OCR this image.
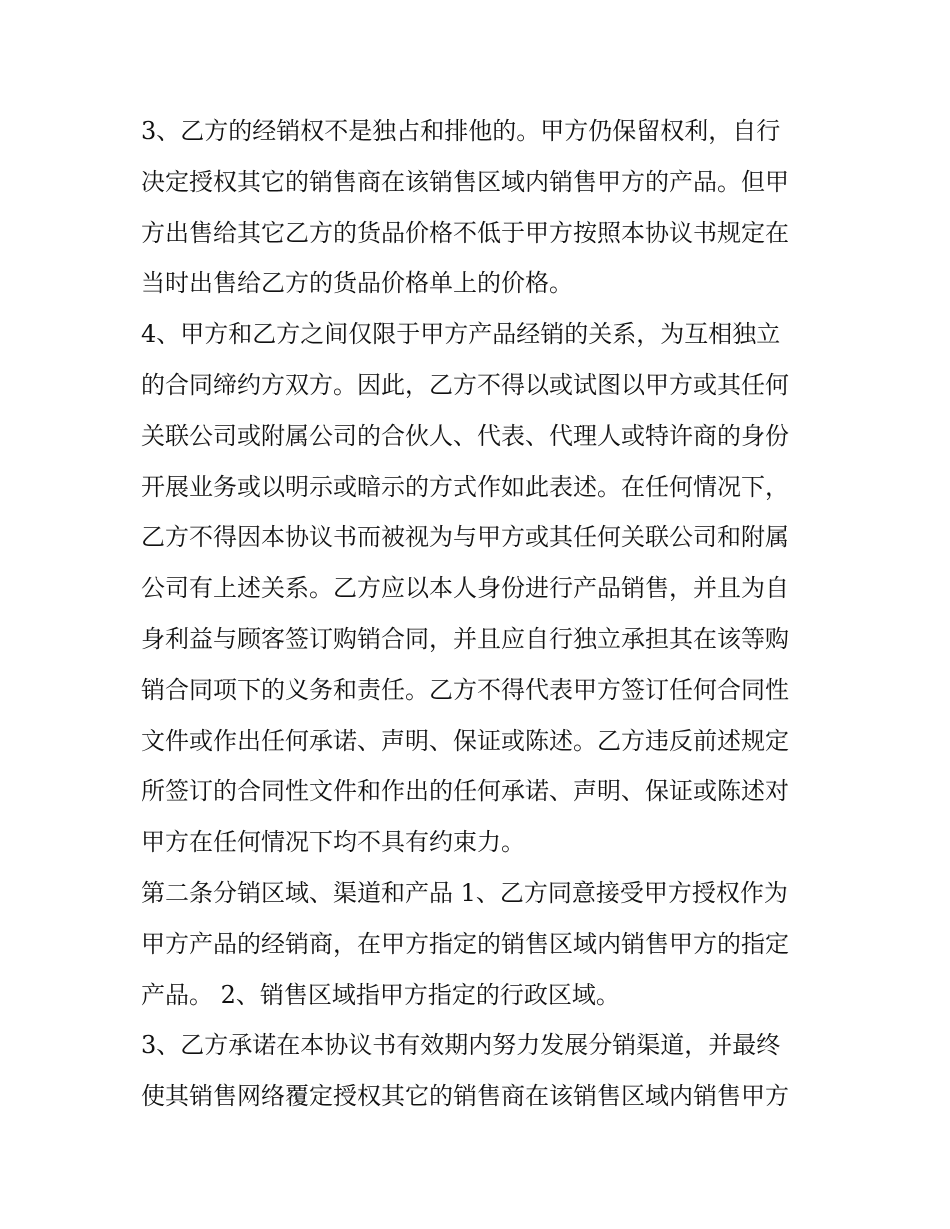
3、乙方的经销权不是独占和排他的。甲方仍保留权利，自行
决定授权其它的销售商在该销售区域内销售甲方的产品。但甲
方出售给其它乙方的货品价格不低于甲方按照本协议书规定在
当时出售给乙方的货品价格单上的价格。
4、甲方和乙方之间仅限于甲方产品经销的关系，为互相独立
的合同缔约方双方。因此，乙方不得以或试图以甲方或其任何
关联公司或附属公司的合伙人、代表、代理人或特许商的身份
开展业务或以明示或暗示的方式作如此表述。在任何情况下，
乙方不得因本协议书而被视为与甲方或其任何关联公司和附属
公司有上述关系。乙方应以本人身份进行产品销售，并且为自
身利益与顾客签订购销合同，并且应自行独立承担其在该等购
销合同项下的义务和责任。乙方不得代表甲方签订任何合同性
文件或作出任何承诺、声明、保证或陈述。乙方违反前述规定
所签订的合同性文件和作出的任何承诺、声明、保证或陈述对
甲方在任何情况下均不具有约束力。
第二条分销区域、渠道和产品 1、乙方同意接受甲方授权作为
甲方产品的经销商，在甲方指定的销售区域内销售甲方的指定
产品。 2、销售区域指甲方指定的行政区域。
3、乙方承诺在本协议书有效期内努力发展分销渠道，并最终
使其销售网络覆定授权其它的销售商在该销售区域内销售甲方
